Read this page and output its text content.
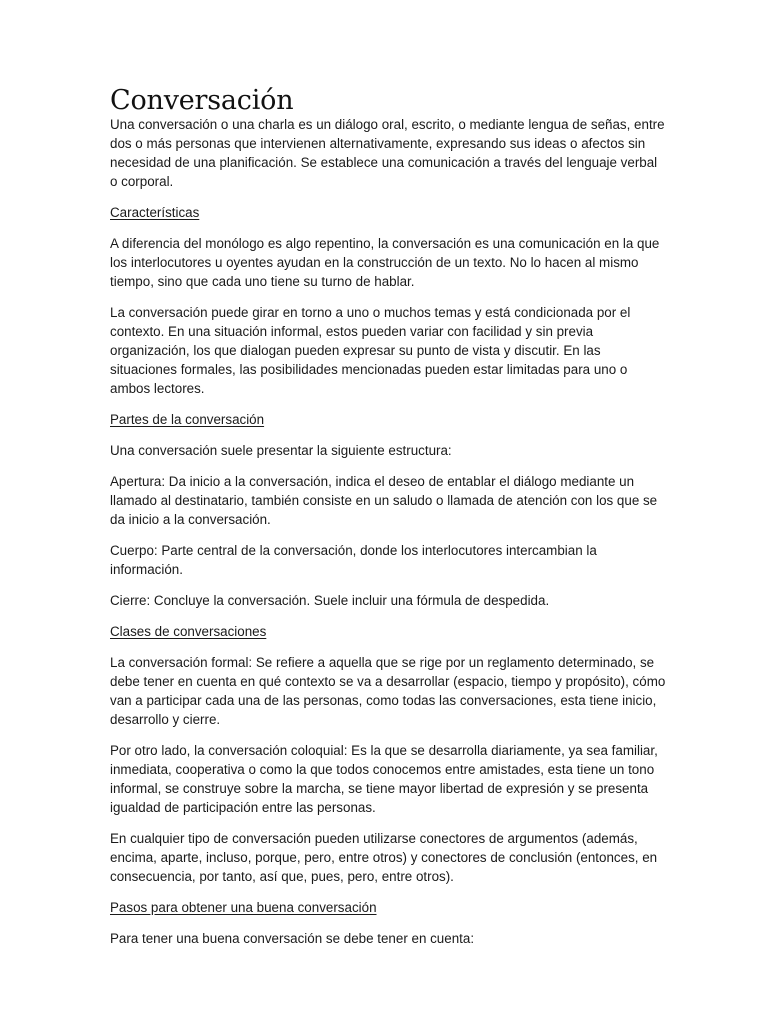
Conversación

Una conversación o una charla es un diálogo oral, escrito, o mediante lengua de señas, entre dos o más personas que intervienen alternativamente, expresando sus ideas o afectos sin necesidad de una planificación. Se establece una comunicación a través del lenguaje verbal o corporal.

Características

A diferencia del monólogo es algo repentino, la conversación es una comunicación en la que los interlocutores u oyentes ayudan en la construcción de un texto. No lo hacen al mismo tiempo, sino que cada uno tiene su turno de hablar.

La conversación puede girar en torno a uno o muchos temas y está condicionada por el contexto. En una situación informal, estos pueden variar con facilidad y sin previa organización, los que dialogan pueden expresar su punto de vista y discutir. En las situaciones formales, las posibilidades mencionadas pueden estar limitadas para uno o ambos lectores.

Partes de la conversación

Una conversación suele presentar la siguiente estructura:

Apertura: Da inicio a la conversación, indica el deseo de entablar el diálogo mediante un llamado al destinatario, también consiste en un saludo o llamada de atención con los que se da inicio a la conversación.

Cuerpo: Parte central de la conversación, donde los interlocutores intercambian la información.

Cierre: Concluye la conversación. Suele incluir una fórmula de despedida.

Clases de conversaciones

La conversación formal: Se refiere a aquella que se rige por un reglamento determinado, se debe tener en cuenta en qué contexto se va a desarrollar (espacio, tiempo y propósito), cómo van a participar cada una de las personas, como todas las conversaciones, esta tiene inicio, desarrollo y cierre.

Por otro lado, la conversación coloquial: Es la que se desarrolla diariamente, ya sea familiar, inmediata, cooperativa o como la que todos conocemos entre amistades, esta tiene un tono informal, se construye sobre la marcha, se tiene mayor libertad de expresión y se presenta igualdad de participación entre las personas.

En cualquier tipo de conversación pueden utilizarse conectores de argumentos (además, encima, aparte, incluso, porque, pero, entre otros) y conectores de conclusión (entonces, en consecuencia, por tanto, así que, pues, pero, entre otros).

Pasos para obtener una buena conversación

Para tener una buena conversación se debe tener en cuenta:
